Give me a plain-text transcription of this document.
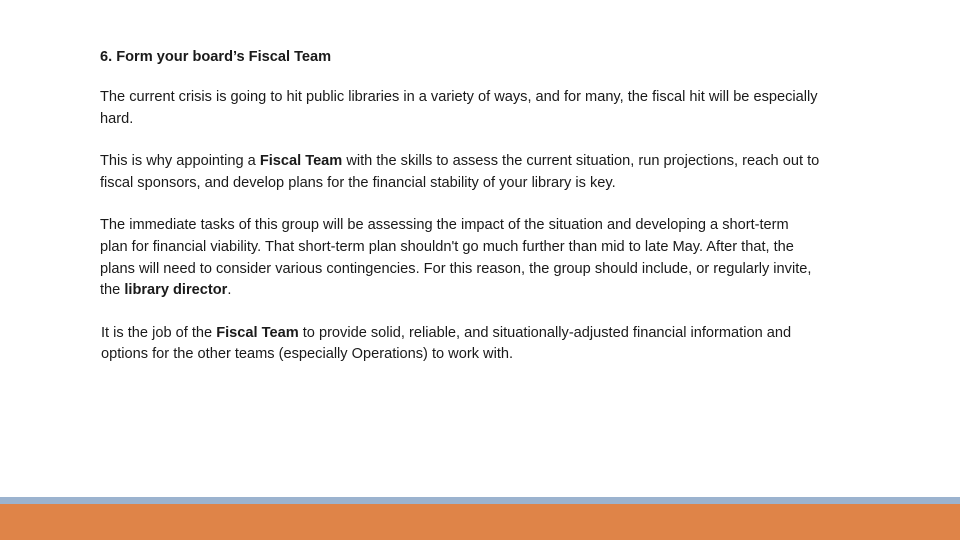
6. Form your board’s Fiscal Team

The current crisis is going to hit public libraries in a variety of ways, and for many, the fiscal hit will be especially hard.

This is why appointing a Fiscal Team with the skills to assess the current situation, run projections, reach out to fiscal sponsors, and develop plans for the financial stability of your library is key.

The immediate tasks of this group will be assessing the impact of the situation and developing a short-term plan for financial viability. That short-term plan shouldn't go much further than mid to late May. After that, the plans will need to consider various contingencies. For this reason, the group should include, or regularly invite, the library director.

It is the job of the Fiscal Team to provide solid, reliable, and situationally-adjusted financial information and options for the other teams (especially Operations) to work with.
